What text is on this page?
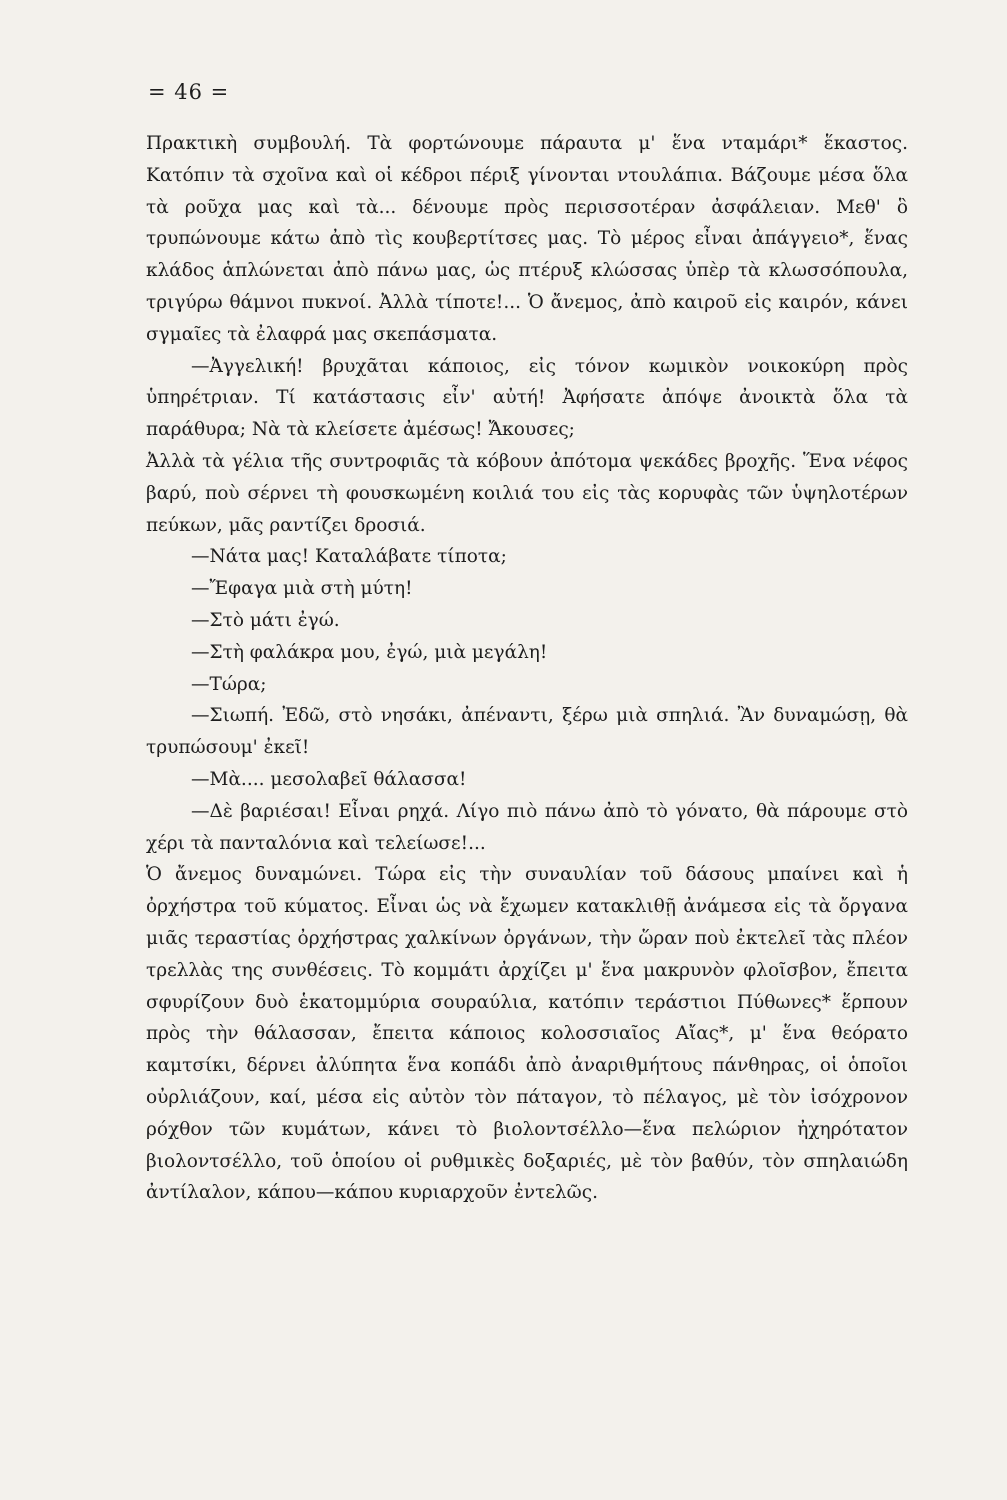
= 46 =

Πρακτικὴ συμβουλή. Τὰ φορτώνουμε πάραυτα μ' ἕνα νταμάρι* ἕκαστος. Κατόπιν τὰ σχοῖνα καὶ οἱ κέδροι πέριξ γίνονται ντουλάπια. Βάζουμε μέσα ὅλα τὰ ροῦχα μας καὶ τὰ... δένουμε πρὸς περισσοτέραν ἀσφάλειαν. Μεθ' ὃ τρυπώνουμε κάτω ἀπὸ τὶς κουβερτίτσες μας. Τὸ μέρος εἶναι ἀπάγγειο*, ἕνας κλάδος ἁπλώνεται ἀπὸ πάνω μας, ὡς πτέρυξ κλώσσας ὑπὲρ τὰ κλωσσόπουλα, τριγύρω θάμνοι πυκνοί. Ἀλλὰ τίποτε!... Ὁ ἄνεμος, ἀπὸ καιροῦ εἰς καιρόν, κάνει σγμαῖες τὰ ἐλαφρά μας σκεπάσματα.

—Ἀγγελική! βρυχᾶται κάποιος, εἰς τόνον κωμικὸν νοικοκύρη πρὸς ὑπηρέτριαν. Τί κατάστασις εἶν' αὐτή! Ἀφήσατε ἀπόψε ἀνοικτὰ ὅλα τὰ παράθυρα; Νὰ τὰ κλείσετε ἀμέσως! Ἄκουσες;

Ἀλλὰ τὰ γέλια τῆς συντροφιᾶς τὰ κόβουν ἀπότομα ψεκάδες βροχῆς. Ἕνα νέφος βαρύ, ποὺ σέρνει τὴ φουσκωμένη κοιλιά του εἰς τὰς κορυφὰς τῶν ὑψηλοτέρων πεύκων, μᾶς ραντίζει δροσιά.

—Νάτα μας! Καταλάβατε τίποτα;

—Ἔφαγα μιὰ στὴ μύτη!

—Στὸ μάτι ἐγώ.

—Στὴ φαλάκρα μου, ἐγώ, μιὰ μεγάλη!

—Τώρα;

—Σιωπή. Ἐδῶ, στὸ νησάκι, ἀπέναντι, ξέρω μιὰ σπηλιά. Ἂν δυναμώσῃ, θὰ τρυπώσουμ' ἐκεῖ!

—Μὰ.... μεσολαβεῖ θάλασσα!

—Δὲ βαριέσαι! Εἶναι ρηχά. Λίγο πιὸ πάνω ἀπὸ τὸ γόνατο, θὰ πάρουμε στὸ χέρι τὰ πανταλόνια καὶ τελείωσε!...

Ὁ ἄνεμος δυναμώνει. Τώρα εἰς τὴν συναυλίαν τοῦ δάσους μπαίνει καὶ ἡ ὀρχήστρα τοῦ κύματος. Εἶναι ὡς νὰ ἔχωμεν κατακλιθῇ ἀνάμεσα εἰς τὰ ὄργανα μιᾶς τεραστίας ὀρχήστρας χαλκίνων ὀργάνων, τὴν ὥραν ποὺ ἐκτελεῖ τὰς πλέον τρελλὰς της συνθέσεις. Τὸ κομμάτι ἀρχίζει μ' ἕνα μακρυνὸν φλοῖσβον, ἔπειτα σφυρίζουν δυὸ ἑκατομμύρια σουραύλια, κατόπιν τεράστιοι Πύθωνες* ἕρπουν πρὸς τὴν θάλασσαν, ἔπειτα κάποιος κολοσσιαῖος Αἴας*, μ' ἕνα θεόρατο καμτσίκι, δέρνει ἀλύπητα ἕνα κοπάδι ἀπὸ ἀναριθμήτους πάνθηρας, οἱ ὁποῖοι οὐρλιάζουν, καί, μέσα εἰς αὐτὸν τὸν πάταγον, τὸ πέλαγος, μὲ τὸν ἰσόχρονον ρόχθον τῶν κυμάτων, κάνει τὸ βιολοντσέλλο—ἕνα πελώριον ἠχηρότατον βιολοντσέλλο, τοῦ ὁποίου οἱ ρυθμικὲς δοξαριές, μὲ τὸν βαθύν, τὸν σπηλαιώδη ἀντίλαλον, κάπου—κάπου κυριαρχοῦν ἐντελῶς.
